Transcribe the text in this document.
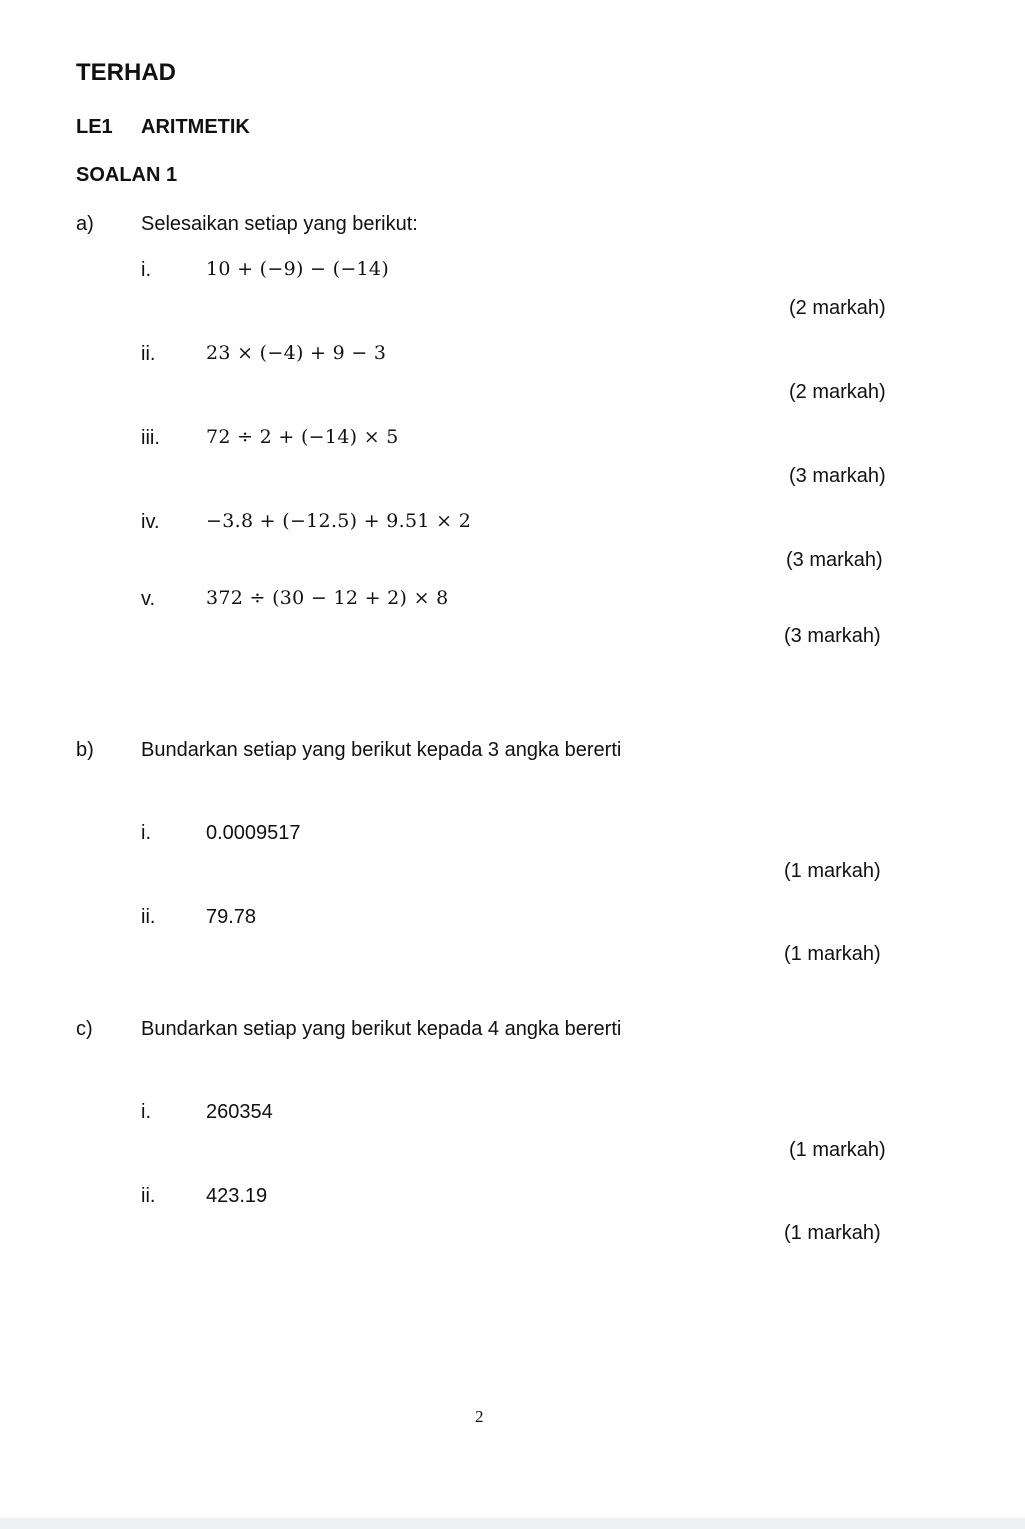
TERHAD
LE1 ARITMETIK
SOALAN 1
a) Selesaikan setiap yang berikut:
i.	10 + (−9) − (−14)
(2 markah)
ii.	23 × (−4) + 9 − 3
(2 markah)
iii. 72 ÷ 2 + (−14) × 5
(3 markah)
iv. −3.8 + (−12.5) + 9.51 × 2
(3 markah)
v.	372 ÷ (30 − 12 + 2) × 8
(3 markah)
b) Bundarkan setiap yang berikut kepada 3 angka bererti
i.	0.0009517
(1 markah)
ii.	79.78
(1 markah)
c) Bundarkan setiap yang berikut kepada 4 angka bererti
i.	260354
(1 markah)
ii.	423.19
(1 markah)
2
